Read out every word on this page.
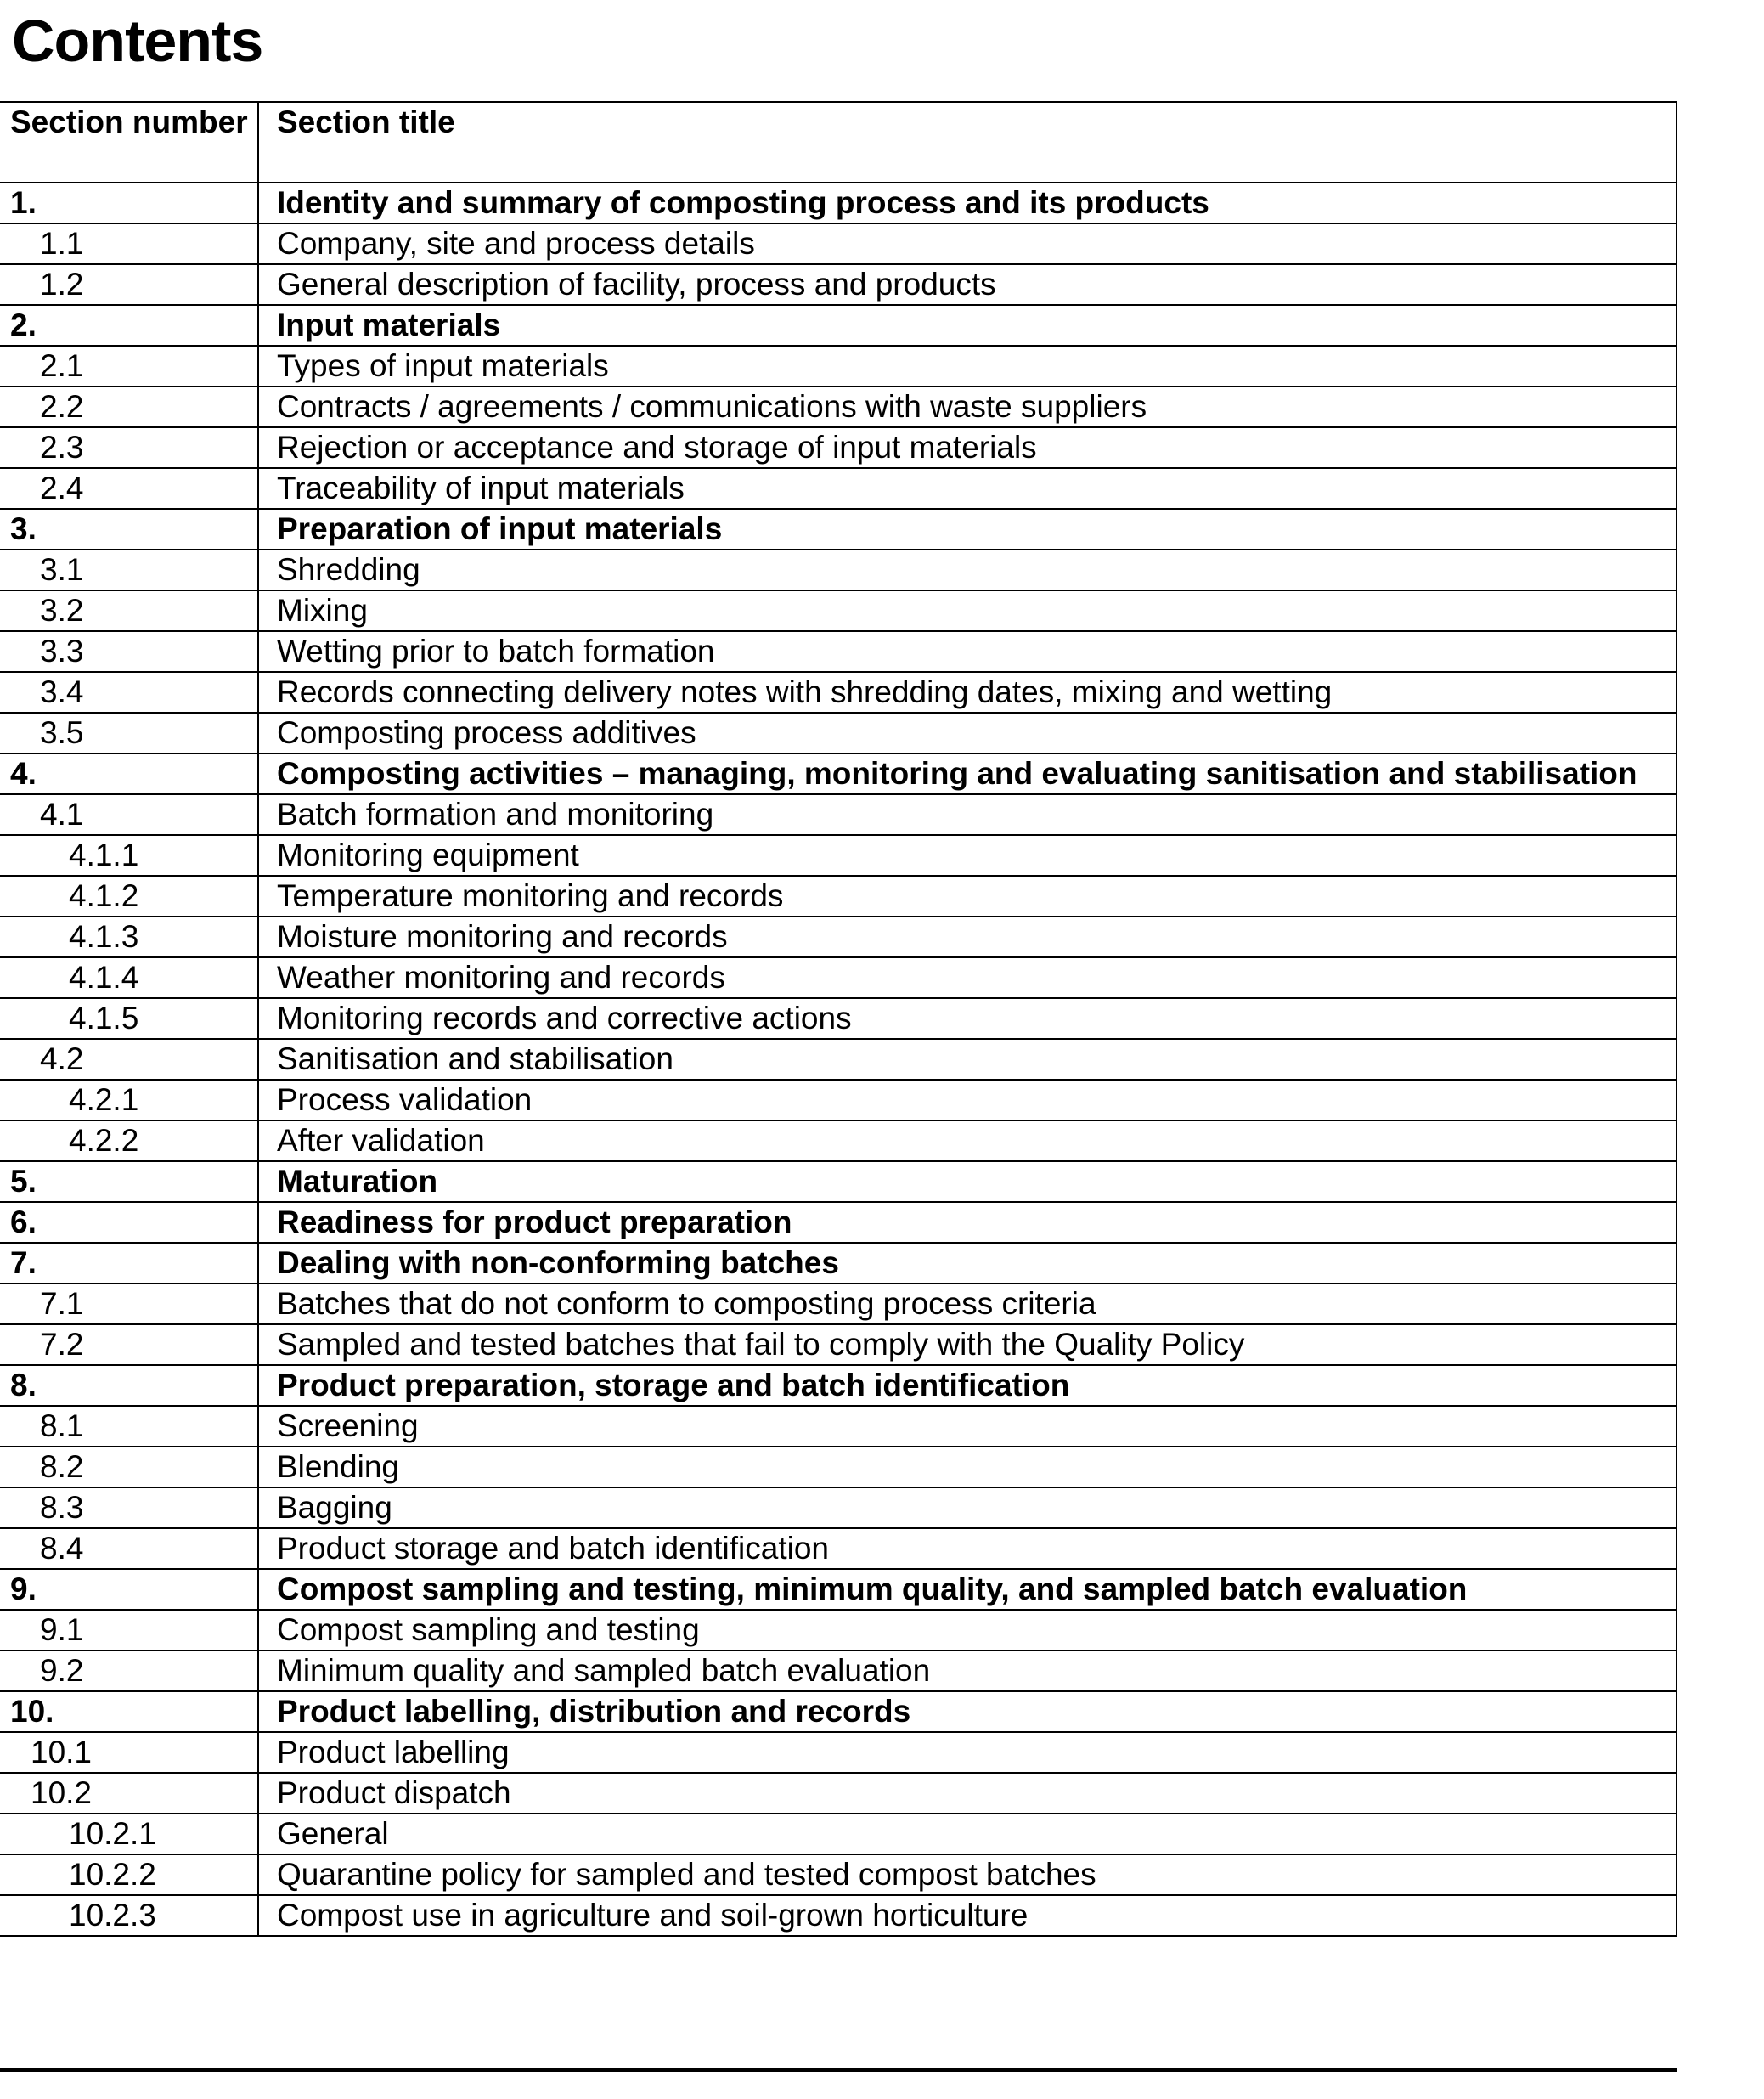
Contents
Section number	Section title
1.	Identity and summary of composting process and its products
1.1	Company, site and process details
1.2	General description of facility, process and products
2.	Input materials
2.1	Types of input materials
2.2	Contracts / agreements / communications with waste suppliers
2.3	Rejection or acceptance and storage of input materials
2.4	Traceability of input materials
3.	Preparation of input materials
3.1	Shredding
3.2	Mixing
3.3	Wetting prior to batch formation
3.4	Records connecting delivery notes with shredding dates, mixing and wetting
3.5	Composting process additives
4.	Composting activities – managing, monitoring and evaluating sanitisation and stabilisation
4.1	Batch formation and monitoring
4.1.1	Monitoring equipment
4.1.2	Temperature monitoring and records
4.1.3	Moisture monitoring and records
4.1.4	Weather monitoring and records
4.1.5	Monitoring records and corrective actions
4.2	Sanitisation and stabilisation
4.2.1	Process validation
4.2.2	After validation
5.	Maturation
6.	Readiness for product preparation
7.	Dealing with non-conforming batches
7.1	Batches that do not conform to composting process criteria
7.2	Sampled and tested batches that fail to comply with the Quality Policy
8.	Product preparation, storage and batch identification
8.1	Screening
8.2	Blending
8.3	Bagging
8.4	Product storage and batch identification
9.	Compost sampling and testing, minimum quality, and sampled batch evaluation
9.1	Compost sampling and testing
9.2	Minimum quality and sampled batch evaluation
10.	Product labelling, distribution and records
10.1	Product labelling
10.2	Product dispatch
10.2.1	General
10.2.2	Quarantine policy for sampled and tested compost batches
10.2.3	Compost use in agriculture and soil-grown horticulture
